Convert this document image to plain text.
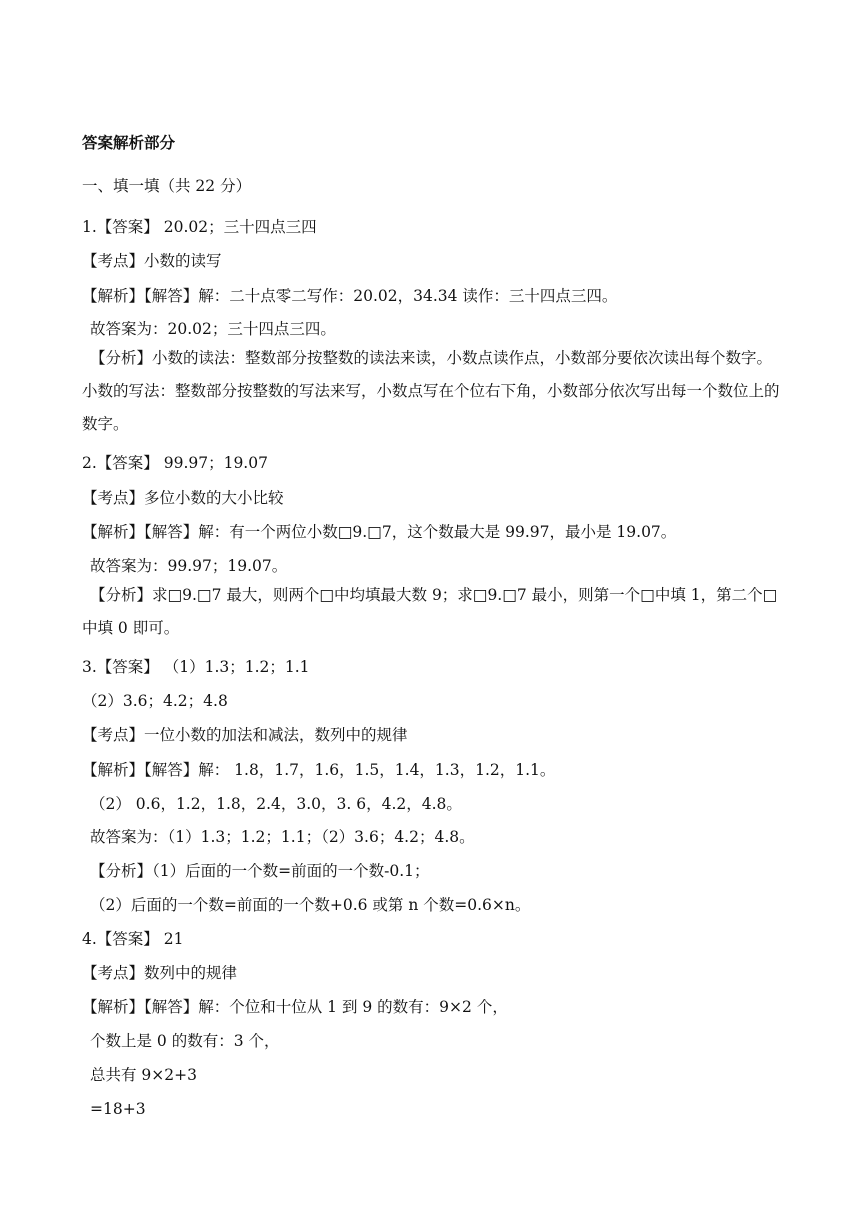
答案解析部分
一、填一填（共 22 分）
1.【答案】 20.02；三十四点三四
【考点】小数的读写
【解析】【解答】解：二十点零二写作：20.02，34.34 读作：三十四点三四。
故答案为：20.02；三十四点三四。
【分析】小数的读法：整数部分按整数的读法来读，小数点读作点，小数部分要依次读出每个数字。 小数的写法：整数部分按整数的写法来写，小数点写在个位右下角，小数部分依次写出每一个数位上的数字。
2.【答案】 99.97；19.07
【考点】多位小数的大小比较
【解析】【解答】解：有一个两位小数□9.□7，这个数最大是 99.97，最小是 19.07。
故答案为：99.97；19.07。
【分析】求□9.□7 最大，则两个□中均填最大数 9；求□9.□7 最小，则第一个□中填 1，第二个□中填 0 即可。
3.【答案】 （1）1.3；1.2；1.1
（2）3.6；4.2；4.8
【考点】一位小数的加法和减法，数列中的规律
【解析】【解答】解： 1.8，1.7，1.6，1.5，1.4，1.3，1.2，1.1。
（2） 0.6，1.2，1.8，2.4，3.0，3. 6，4.2，4.8。
故答案为：（1）1.3；1.2；1.1；（2）3.6；4.2；4.8。
【分析】（1）后面的一个数=前面的一个数-0.1；
（2）后面的一个数=前面的一个数+0.6 或第 n 个数=0.6×n。
4.【答案】 21
【考点】数列中的规律
【解析】【解答】解：个位和十位从 1 到 9 的数有：9×2 个，
个数上是 0 的数有：3 个，
总共有 9×2+3
=18+3
